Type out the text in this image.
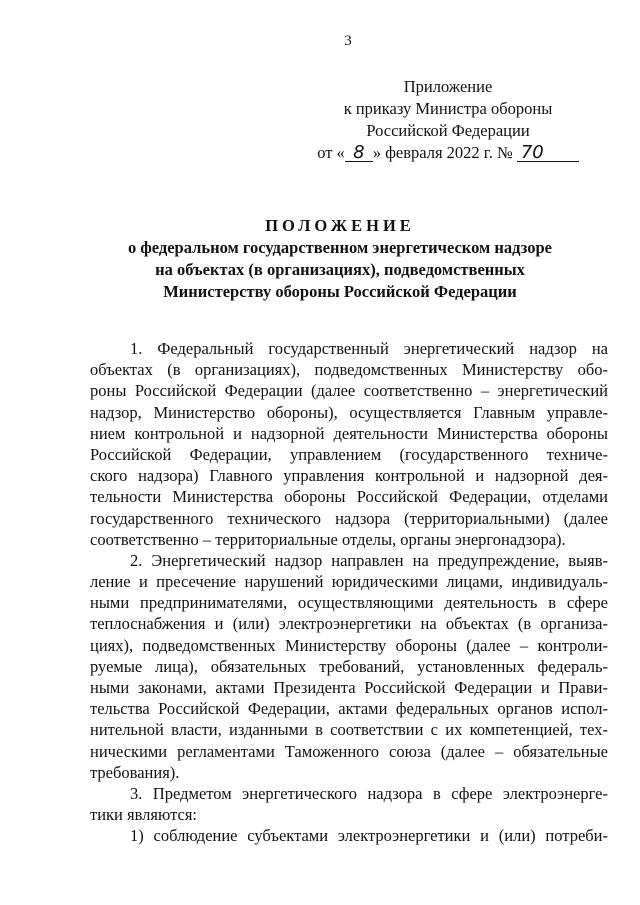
3
Приложение
к приказу Министра обороны
Российской Федерации
от « 8 » февраля 2022 г. № 70
ПОЛОЖЕНИЕ
о федеральном государственном энергетическом надзоре
на объектах (в организациях), подведомственных
Министерству обороны Российской Федерации
1. Федеральный государственный энергетический надзор на
объектах (в организациях), подведомственных Министерству обо-
роны Российской Федерации (далее соответственно – энергетический
надзор, Министерство обороны), осуществляется Главным управле-
нием контрольной и надзорной деятельности Министерства обороны
Российской Федерации, управлением (государственного техниче-
ского надзора) Главного управления контрольной и надзорной дея-
тельности Министерства обороны Российской Федерации, отделами
государственного технического надзора (территориальными) (далее
соответственно – территориальные отделы, органы энергонадзора).
2. Энергетический надзор направлен на предупреждение, выяв-
ление и пресечение нарушений юридическими лицами, индивидуаль-
ными предпринимателями, осуществляющими деятельность в сфере
теплоснабжения и (или) электроэнергетики на объектах (в организа-
циях), подведомственных Министерству обороны (далее – контроли-
руемые лица), обязательных требований, установленных федераль-
ными законами, актами Президента Российской Федерации и Прави-
тельства Российской Федерации, актами федеральных органов испол-
нительной власти, изданными в соответствии с их компетенцией, тех-
ническими регламентами Таможенного союза (далее – обязательные
требования).
3. Предметом энергетического надзора в сфере электроэнерге-
тики являются:
1) соблюдение субъектами электроэнергетики и (или) потреби-
